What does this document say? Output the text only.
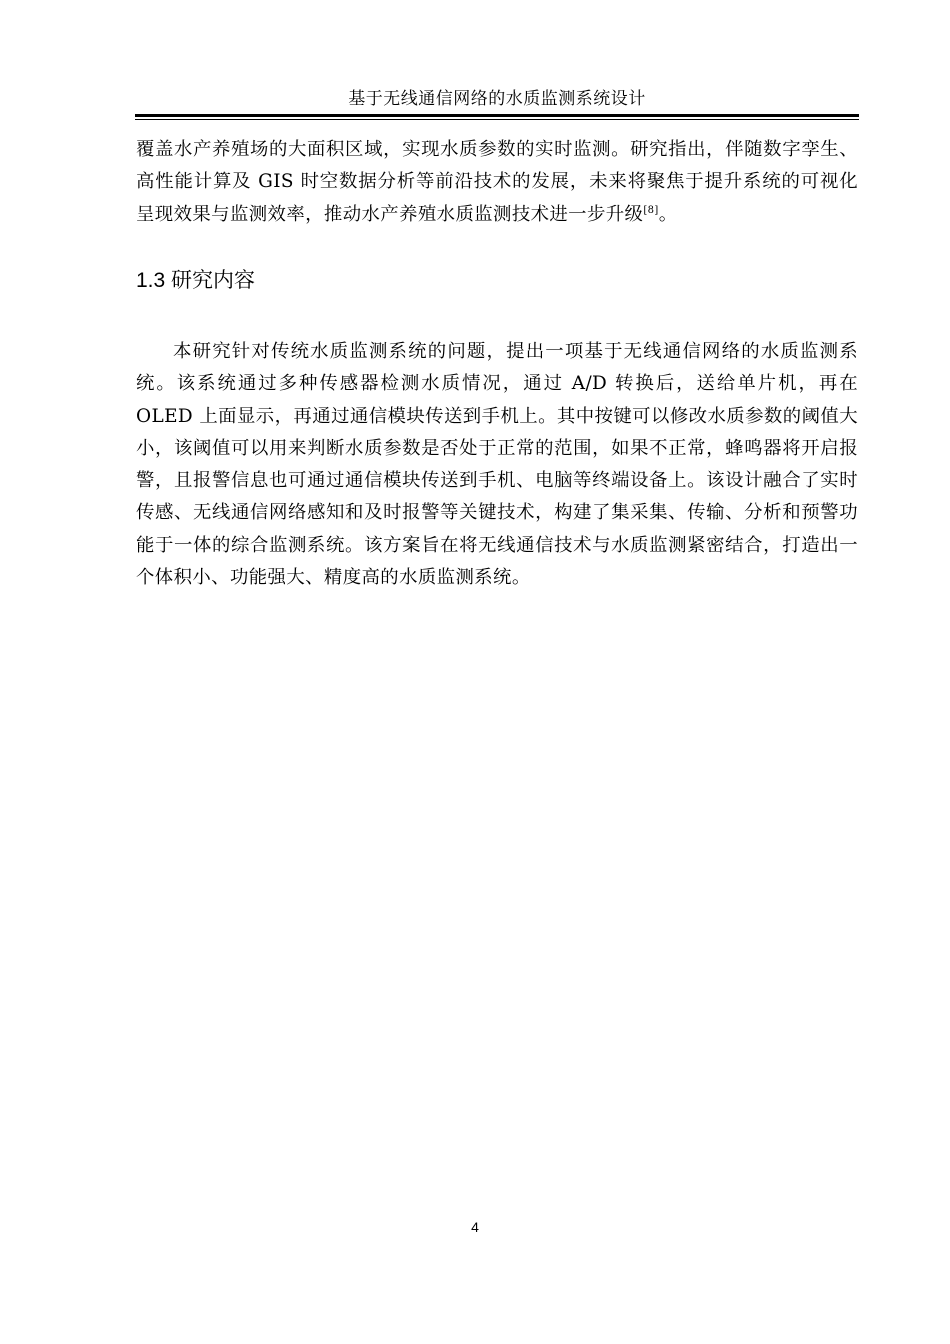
基于无线通信网络的水质监测系统设计

覆盖水产养殖场的大面积区域，实现水质参数的实时监测。研究指出，伴随数字孪生、高性能计算及 GIS 时空数据分析等前沿技术的发展，未来将聚焦于提升系统的可视化呈现效果与监测效率，推动水产养殖水质监测技术进一步升级[8]。

1.3 研究内容

本研究针对传统水质监测系统的问题，提出一项基于无线通信网络的水质监测系统。该系统通过多种传感器检测水质情况，通过 A/D 转换后，送给单片机，再在 OLED 上面显示，再通过通信模块传送到手机上。其中按键可以修改水质参数的阈值大小，该阈值可以用来判断水质参数是否处于正常的范围，如果不正常，蜂鸣器将开启报警，且报警信息也可通过通信模块传送到手机、电脑等终端设备上。该设计融合了实时传感、无线通信网络感知和及时报警等关键技术，构建了集采集、传输、分析和预警功能于一体的综合监测系统。该方案旨在将无线通信技术与水质监测紧密结合，打造出一个体积小、功能强大、精度高的水质监测系统。

4
